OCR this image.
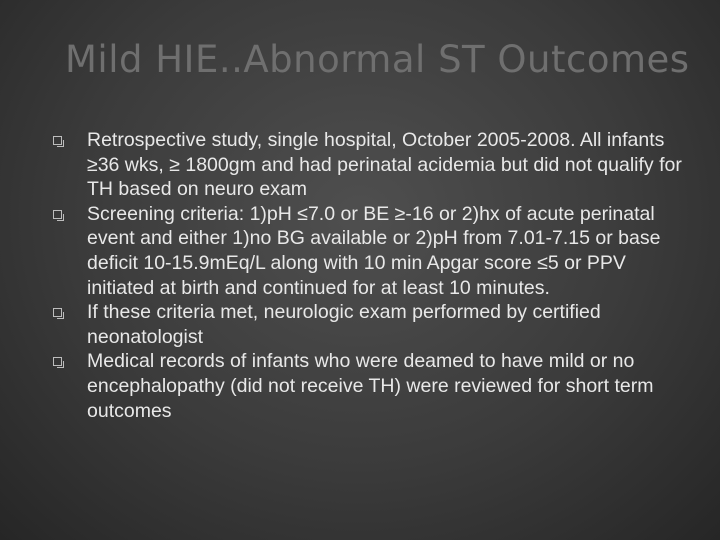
Mild HIE..Abnormal ST Outcomes
Retrospective study, single hospital, October 2005-2008. All infants ≥36 wks, ≥ 1800gm and had perinatal acidemia but did not qualify for TH based on neuro exam
Screening criteria: 1)pH ≤7.0 or BE ≥-16 or 2)hx of acute perinatal event and either 1)no BG available or 2)pH from 7.01-7.15 or base deficit 10-15.9mEq/L along with 10 min Apgar score ≤5 or PPV initiated at birth and continued for at least 10 minutes.
If these criteria met, neurologic exam performed by certified neonatologist
Medical records of infants who were deamed to have mild or no encephalopathy (did not receive TH) were reviewed for short term outcomes
